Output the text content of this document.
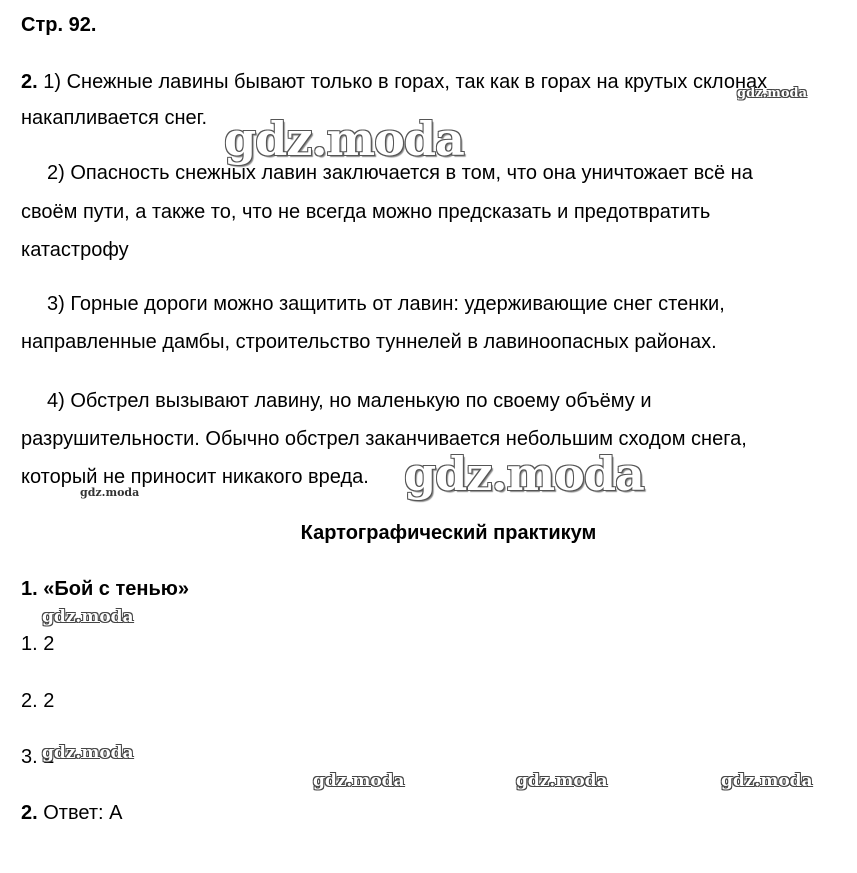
Стр. 92.
2. 1) Снежные лавины бывают только в горах, так как в горах на крутых склонах
накапливается снег.
2) Опасность снежных лавин заключается в том, что она уничтожает всё на
своём пути, а также то, что не всегда можно предсказать и предотвратить
катастрофу
3) Горные дороги можно защитить от лавин: удерживающие снег стенки,
направленные дамбы, строительство туннелей в лавиноопасных районах.
4) Обстрел вызывают лавину, но маленькую по своему объёму и
разрушительности. Обычно обстрел заканчивается небольшим сходом снега,
который не приносит никакого вреда.
Картографический практикум
1. «Бой с тенью»
1. 2
2. 2
3. 2
2. Ответ: А
gdz.moda
gdz.moda
gdz.moda
gdz.moda
gdz.moda
gdz.moda
gdz.moda	gdz.moda	gdz.moda
